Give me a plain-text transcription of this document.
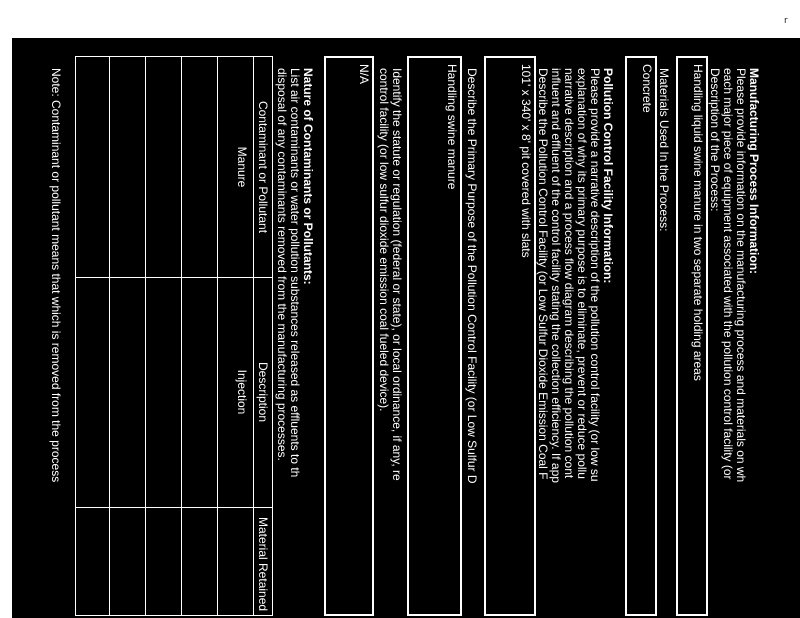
r
Manufacturing Process Information:
Please provide information on the manufacturing process and materials on wh
each major piece of equipment associated with the pollution control facility (or
Description of the Process:
Handling liquid swine manure in two separate holding areas
Materials Used In the Process:
Concrete
Pollution Control Facility Information:
Please provide a narrative description of the pollution control facility (or low su
explanation of why its primary purpose is to eliminate, prevent or reduce pollu
narrative description and a process flow diagram describing the pollution cont
influent and effluent of the control facility stating the collection efficiency. If app
Describe the Pollution Control Facility (or Low Sulfur Dioxide Emission Coal F
101' x 340' x 8' pit covered with slats
Describe the Primary Purpose of the Pollution Control Facility (or Low Sulfur D
Handling swine manure
Identify the statute or regulation (federal or state), or local ordinance, if any, re
control facility (or low sulfur dioxide emission coal fueled device).
N/A
Nature of Contaminants or Pollutants:
List air contaminants or water pollution substances released as effluents to th
disposal of any contaminants removed from the manufacturing processes.
Contaminant or Pollutant
Description
Material Retained
Manure
Injection
Note: Contaminant or pollutant means that which is removed from the process
